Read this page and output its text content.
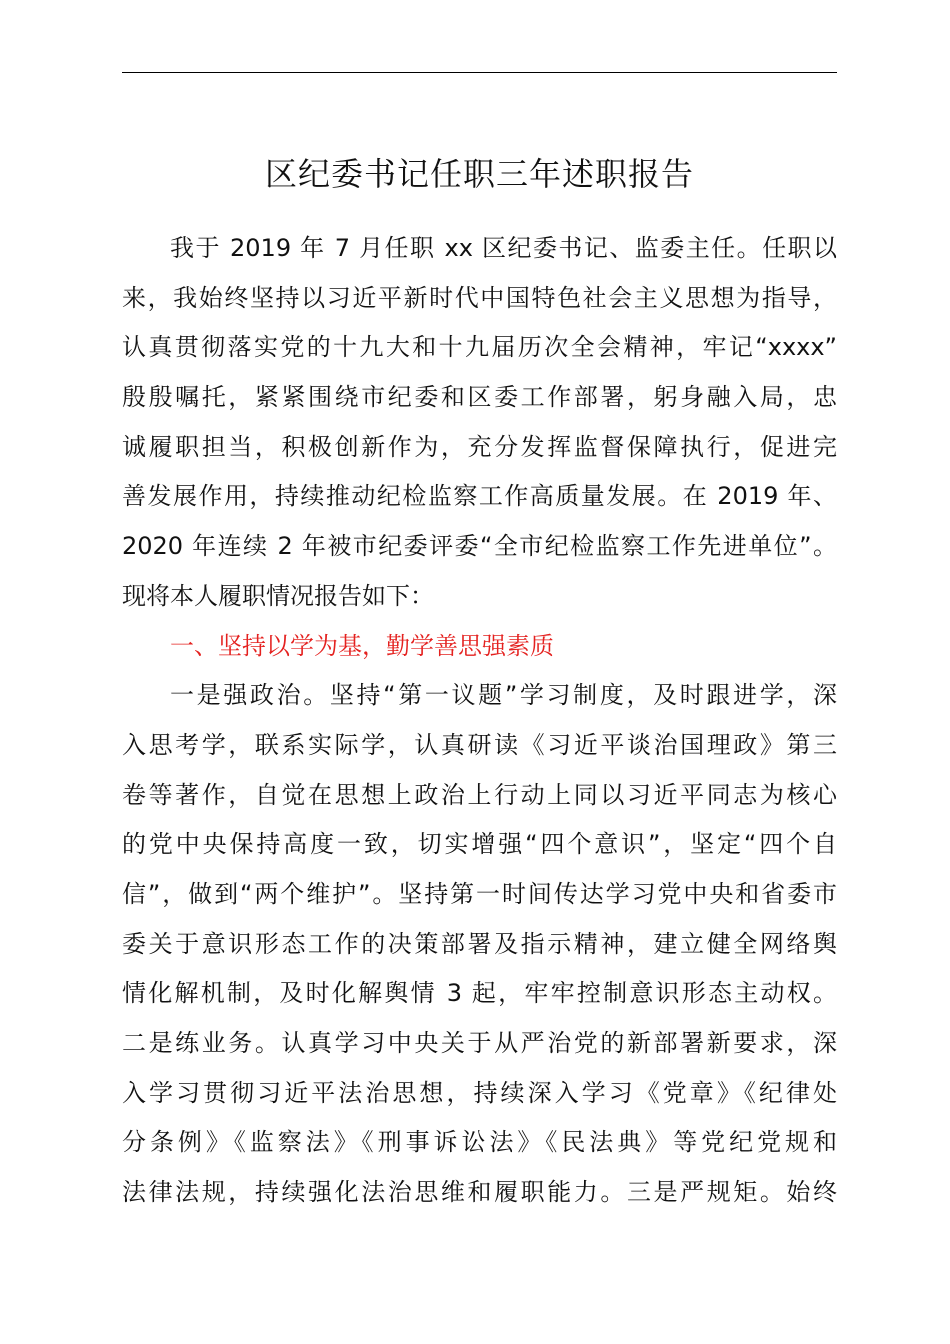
区纪委书记任职三年述职报告
我于 2019 年 7 月任职 xx 区纪委书记、监委主任。任职以
来，我始终坚持以习近平新时代中国特色社会主义思想为指导，
认真贯彻落实党的十九大和十九届历次全会精神，牢记“xxxx”
殷殷嘱托，紧紧围绕市纪委和区委工作部署，躬身融入局，忠
诚履职担当，积极创新作为，充分发挥监督保障执行，促进完
善发展作用，持续推动纪检监察工作高质量发展。在 2019 年、
2020 年连续 2 年被市纪委评委“全市纪检监察工作先进单位”。
现将本人履职情况报告如下：
一、坚持以学为基，勤学善思强素质
一是强政治。坚持“第一议题”学习制度，及时跟进学，深
入思考学，联系实际学，认真研读《习近平谈治国理政》第三
卷等著作，自觉在思想上政治上行动上同以习近平同志为核心
的党中央保持高度一致，切实增强“四个意识”，坚定“四个自
信”，做到“两个维护”。坚持第一时间传达学习党中央和省委市
委关于意识形态工作的决策部署及指示精神，建立健全网络舆
情化解机制，及时化解舆情 3 起，牢牢控制意识形态主动权。
二是练业务。认真学习中央关于从严治党的新部署新要求，深
入学习贯彻习近平法治思想，持续深入学习《党章》《纪律处
分条例》《监察法》《刑事诉讼法》《民法典》等党纪党规和
法律法规，持续强化法治思维和履职能力。三是严规矩。始终
